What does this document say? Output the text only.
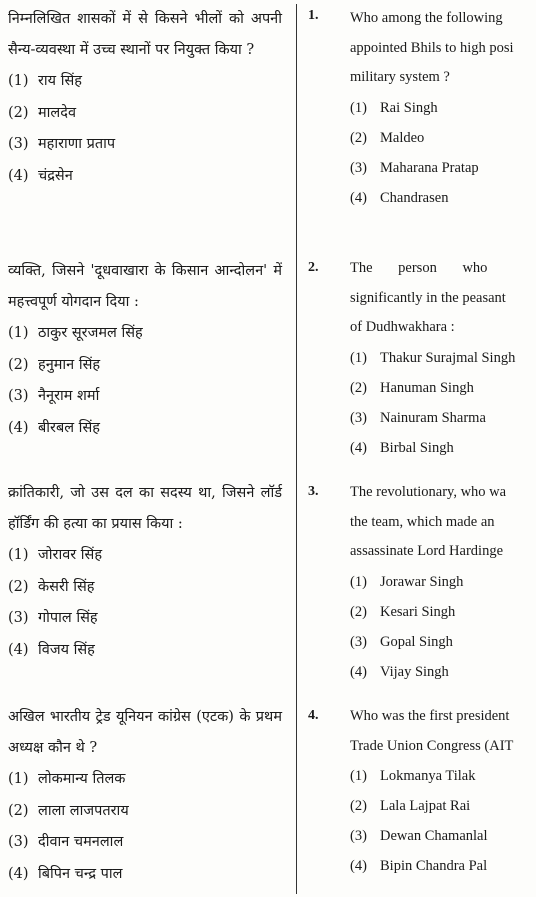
निम्नलिखित शासकों में से किसने भीलों को अपनी सैन्य-व्यवस्था में उच्च स्थानों पर नियुक्त किया ?
(1) राय सिंह
(2) मालदेव
(3) महाराणा प्रताप
(4) चंद्रसेन
व्यक्ति, जिसने 'दूधवाखारा के किसान आन्दोलन' में महत्त्वपूर्ण योगदान दिया :
(1) ठाकुर सूरजमल सिंह
(2) हनुमान सिंह
(3) नैनूराम शर्मा
(4) बीरबल सिंह
क्रांतिकारी, जो उस दल का सदस्य था, जिसने लॉर्ड हॉर्डिंग की हत्या का प्रयास किया :
(1) जोरावर सिंह
(2) केसरी सिंह
(3) गोपाल सिंह
(4) विजय सिंह
अखिल भारतीय ट्रेड यूनियन कांग्रेस (एटक) के प्रथम अध्यक्ष कौन थे ?
(1) लोकमान्य तिलक
(2) लाला लाजपतराय
(3) दीवान चमनलाल
(4) बिपिन चन्द्र पाल
1. Who among the following
appointed Bhils to high posi
military system ?
(1) Rai Singh
(2) Maldeo
(3) Maharana Pratap
(4) Chandrasen
2. The person who
significantly in the peasant
of Dudhwakhara :
(1) Thakur Surajmal Singh
(2) Hanuman Singh
(3) Nainuram Sharma
(4) Birbal Singh
3. The revolutionary, who wa
the team, which made an
assassinate Lord Hardinge
(1) Jorawar Singh
(2) Kesari Singh
(3) Gopal Singh
(4) Vijay Singh
4. Who was the first president
Trade Union Congress (AIT
(1) Lokmanya Tilak
(2) Lala Lajpat Rai
(3) Dewan Chamanlal
(4) Bipin Chandra Pal
